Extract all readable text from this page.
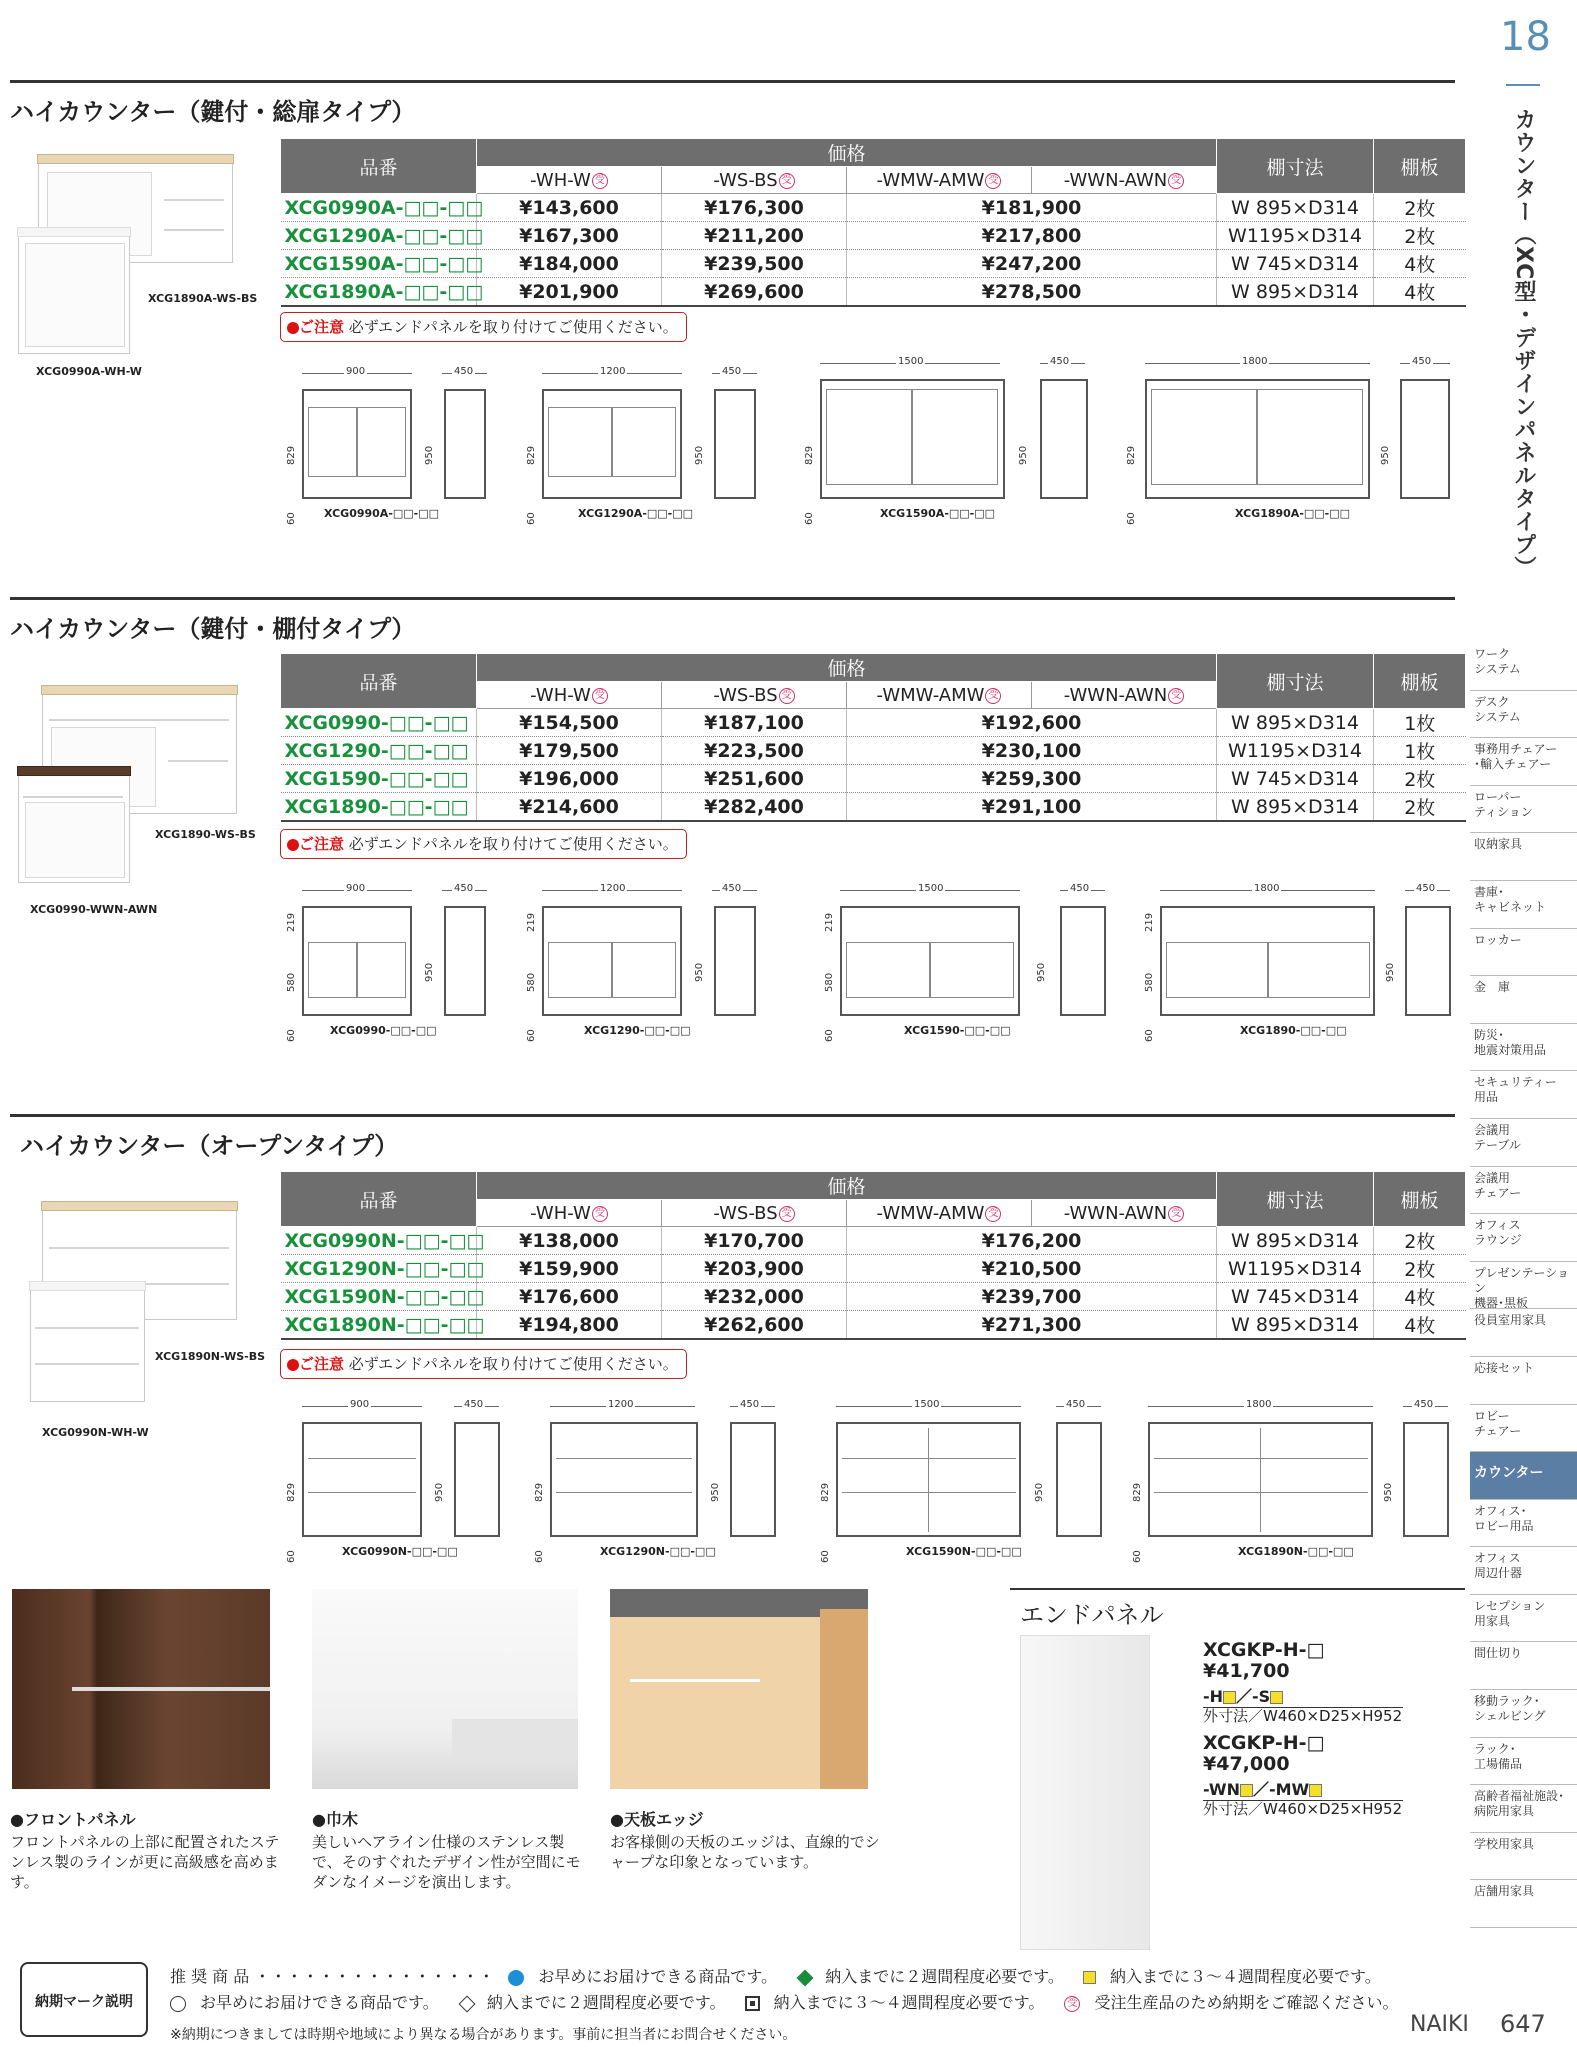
ハイカウンター（鍵付・総扉タイプ）
XCG1890A-WS-BS
XCG0990A-WH-W
品番	価格				棚寸法	棚板
	-WH-W 受	-WS-BS 受	-WMW-AMW 受	-WWN-AWN 受		
XCG0990A-□□-□□	¥143,600	¥176,300	¥181,900		W 895×D314	2枚
XCG1290A-□□-□□	¥167,300	¥211,200	¥217,800		W1195×D314	2枚
XCG1590A-□□-□□	¥184,000	¥239,500	¥247,200		W 745×D314	4枚
XCG1890A-□□-□□	¥201,900	¥269,600	¥278,500		W 895×D314	4枚
ご注意 必ずエンドパネルを取り付けてご使用ください。
900	450
829	950
60 XCG0990A-□□-□□
1200	450
829	950
60	XCG1290A-□□-□□
1500	450
829	950
60	XCG1590A-□□-□□
1800	450
829	950
60	XCG1890A-□□-□□
ハイカウンター（鍵付・棚付タイプ）
XCG1890-WS-BS
XCG0990-WWN-AWN
品番	価格				棚寸法	棚板
	-WH-W 受	-WS-BS 受	-WMW-AMW 受	-WWN-AWN 受		
XCG0990-□□-□□	¥154,500	¥187,100	¥192,600		W 895×D314	1枚
XCG1290-□□-□□	¥179,500	¥223,500	¥230,100		W1195×D314	1枚
XCG1590-□□-□□	¥196,000	¥251,600	¥259,300		W 745×D314	2枚
XCG1890-□□-□□	¥214,600	¥282,400	¥291,100		W 895×D314	2枚
ご注意 必ずエンドパネルを取り付けてご使用ください。
900	450
219
580
950
60	XCG0990-□□-□□
1200	450
219
580
950
60	XCG1290-□□-□□
1500	450
219
580
950
60	XCG1590-□□-□□
1800	450
219
580
950
60	XCG1890-□□-□□
ハイカウンター（オープンタイプ）
XCG1890N-WS-BS
XCG0990N-WH-W
品番	価格				棚寸法	棚板
	-WH-W 受	-WS-BS 受	-WMW-AMW 受	-WWN-AWN 受		
XCG0990N-□□-□□	¥138,000	¥170,700	¥176,200		W 895×D314	2枚
XCG1290N-□□-□□	¥159,900	¥203,900	¥210,500		W1195×D314	2枚
XCG1590N-□□-□□	¥176,600	¥232,000	¥239,700		W 745×D314	4枚
XCG1890N-□□-□□	¥194,800	¥262,600	¥271,300		W 895×D314	4枚
ご注意 必ずエンドパネルを取り付けてご使用ください。
900	450
829	950
60	XCG0990N-□□-□□
1200	450
829	950
60	XCG1290N-□□-□□
1500	450
829	950
60	XCG1590N-□□-□□
1800	450
829	950
60	XCG1890N-□□-□□
●フロントパネル
フロントパネルの上部に配置されたステンレス製のラインが更に高級感を高めます。
●巾木
美しいヘアライン仕様のステンレス製で、そのすぐれたデザイン性が空間にモダンなイメージを演出します。
●天板エッジ
お客様側の天板のエッジは、直線的でシャープな印象となっています。
エンドパネル
XCGKP-H-□
¥41,700
-H ／-S
外寸法／W460×D25×H952
XCGKP-H-□
¥47,000
-WN ／-MW
外寸法／W460×D25×H952
納期マーク説明
推 奨 商 品 ・・・・・・・・・・・・・・・	お早めにお届けできる商品です。	納入までに２週間程度必要です。	納入までに３～４週間程度必要です。
お早めにお届けできる商品です。	納入までに２週間程度必要です。	納入までに３～４週間程度必要です。 受 受注生産品のため納期をご確認ください。
※納期につきましては時期や地域により異なる場合があります。事前に担当者にお問合せください。
18
カウンター（XC型・デザインパネルタイプ）
ワーク
システム
デスク
システム
事務用チェアー
･輸入チェアー
ローパー
ティション
収納家具
書庫･
キャビネット
ロッカー
金　庫
防災･
地震対策用品
セキュリティー
用品
会議用
テーブル
会議用
チェアー
オフィス
ラウンジ
プレゼンテーション
機器･黒板
役員室用家具
応接セット
ロビー
チェアー
カウンター
オフィス･
ロビー用品
オフィス
周辺什器
レセプション
用家具
間仕切り
移動ラック･
シェルビング
ラック･
工場備品
高齢者福祉施設･
病院用家具
学校用家具
店舗用家具
NAIKI 647
